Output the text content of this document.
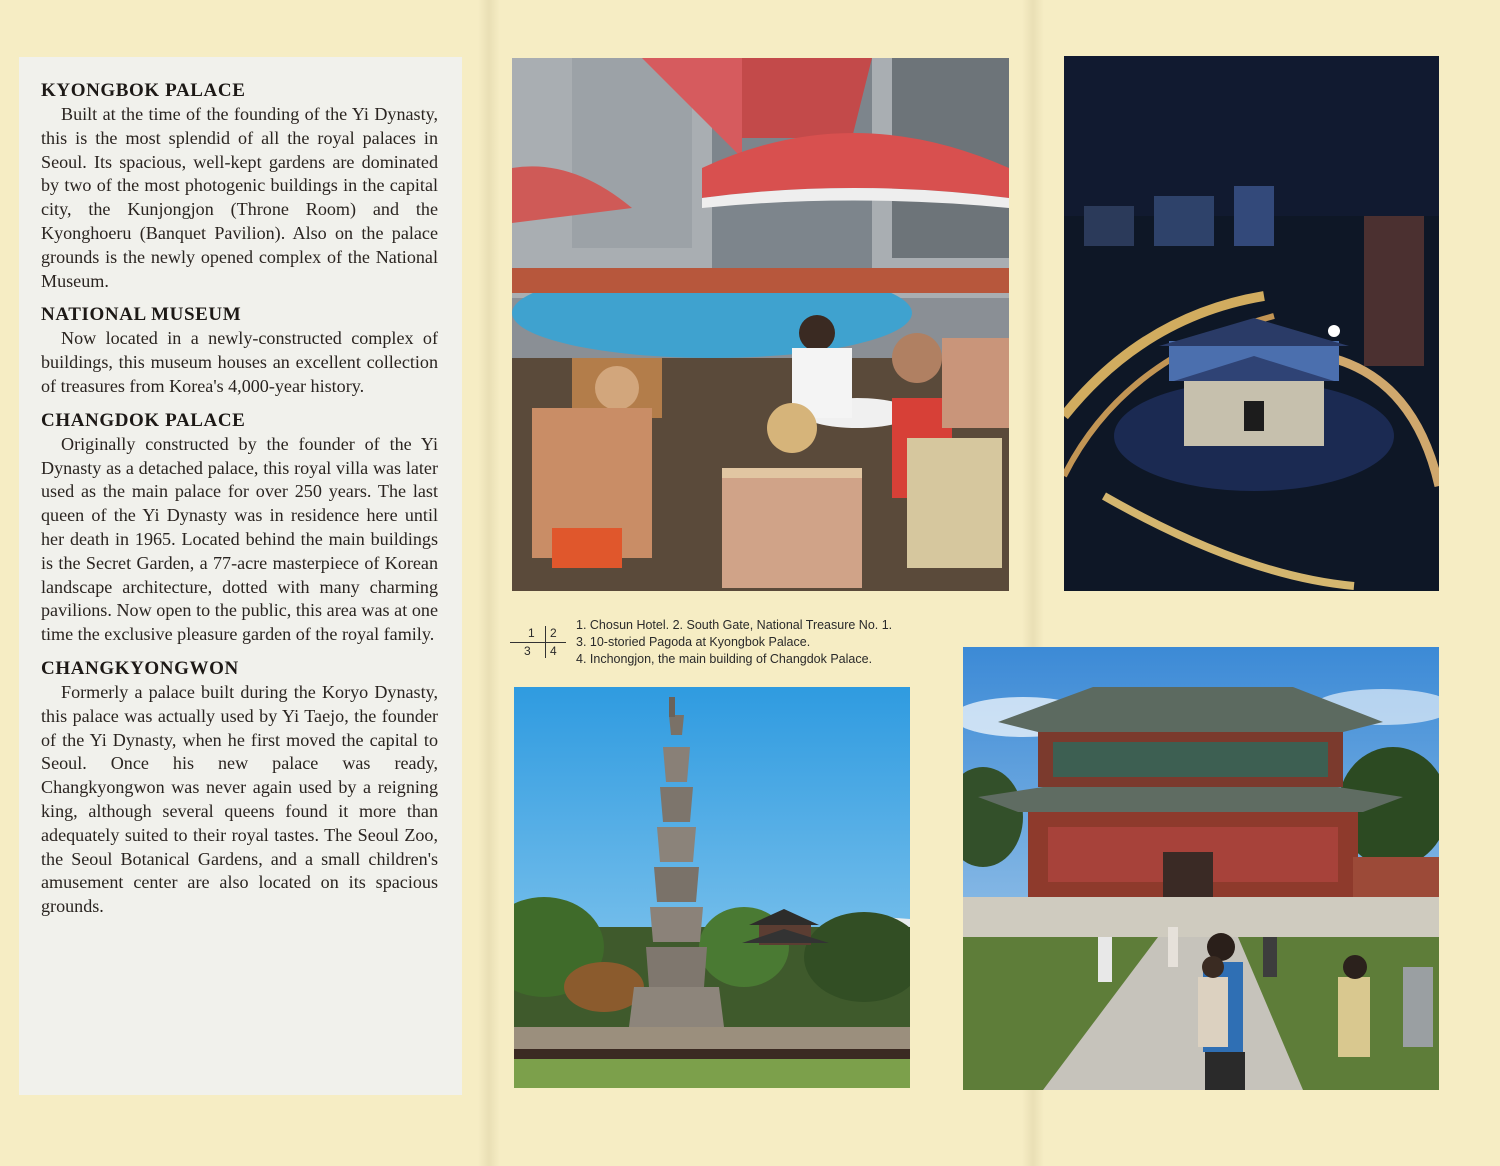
KYONGBOK PALACE

Built at the time of the founding of the Yi Dynasty, this is the most splendid of all the royal palaces in Seoul. Its spacious, well-kept gardens are dominated by two of the most photogenic buildings in the capital city, the Kunjongjon (Throne Room) and the Kyonghoeru (Banquet Pavilion). Also on the palace grounds is the newly opened complex of the National Museum.

NATIONAL MUSEUM

Now located in a newly-constructed complex of buildings, this museum houses an excellent collection of treasures from Korea's 4,000-year history.

CHANGDOK PALACE

Originally constructed by the founder of the Yi Dynasty as a detached palace, this royal villa was later used as the main palace for over 250 years. The last queen of the Yi Dynasty was in residence here until her death in 1965. Located behind the main buildings is the Secret Garden, a 77-acre masterpiece of Korean landscape architecture, dotted with many charming pavilions. Now open to the public, this area was at one time the exclusive pleasure garden of the royal family.

CHANGKYONGWON

Formerly a palace built during the Koryo Dynasty, this palace was actually used by Yi Taejo, the founder of the Yi Dynasty, when he first moved the capital to Seoul. Once his new palace was ready, Changkyongwon was never again used by a reigning king, although several queens found it more than adequately suited to their royal tastes. The Seoul Zoo, the Seoul Botanical Gardens, and a small children's amusement center are also located on its spacious grounds.

1 2
3 4
1. Chosun Hotel. 2. South Gate, National Treasure No. 1.
3. 10-storied Pagoda at Kyongbok Palace.
4. Inchongjon, the main building of Changdok Palace.
